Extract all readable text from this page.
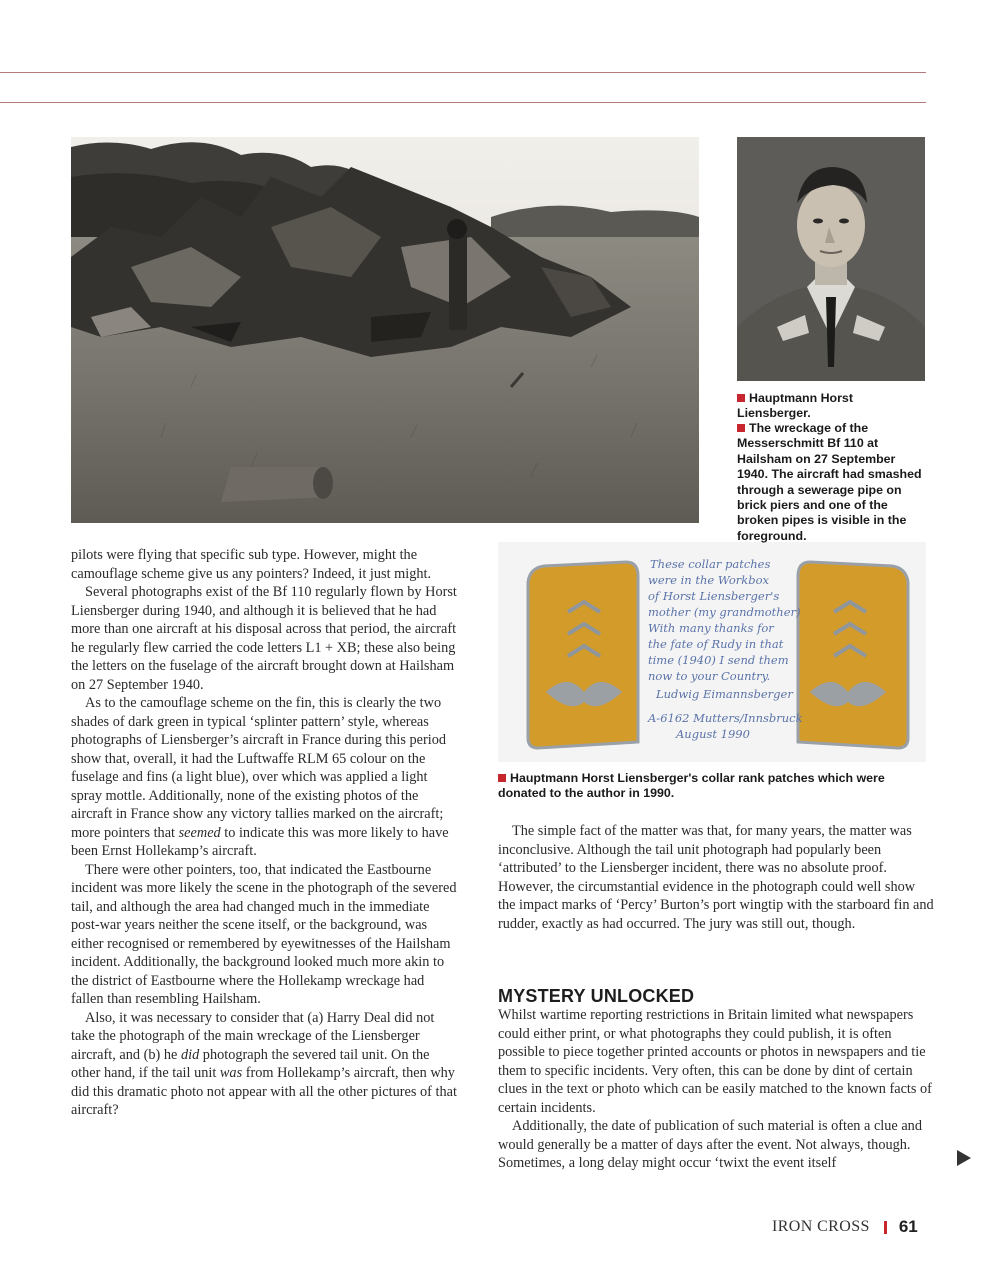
These collar patches
were in the Workbox
of Horst Liensberger's
mother (my grandmother)
With many thanks for
the fate of Rudy in that
time (1940) I send them
now to your Country.
Ludwig Eimannsberger
A-6162 Mutters/Innsbruck
August 1990
Hauptmann Horst Liensberger.
The wreckage of the Messerschmitt Bf 110 at Hailsham on 27 September 1940. The aircraft had smashed through a sewerage pipe on brick piers and one of the broken pipes is visible in the foreground.
Hauptmann Horst Liensberger's collar rank patches which were donated to the author in 1990.

pilots were flying that specific sub type. However, might the camouflage scheme give us any pointers? Indeed, it just might.

Several photographs exist of the Bf 110 regularly flown by Horst Liensberger during 1940, and although it is believed that he had more than one aircraft at his disposal across that period, the aircraft he regularly flew carried the code letters L1 + XB; these also being the letters on the fuselage of the aircraft brought down at Hailsham on 27 September 1940.

As to the camouflage scheme on the fin, this is clearly the two shades of dark green in typical ‘splinter pattern’ style, whereas photographs of Liensberger’s aircraft in France during this period show that, overall, it had the Luftwaffe RLM 65 colour on the fuselage and fins (a light blue), over which was applied a light spray mottle. Additionally, none of the existing photos of the aircraft in France show any victory tallies marked on the aircraft; more pointers that seemed to indicate this was more likely to have been Ernst Hollekamp’s aircraft.

There were other pointers, too, that indicated the Eastbourne incident was more likely the scene in the photograph of the severed tail, and although the area had changed much in the immediate post-war years neither the scene itself, or the background, was either recognised or remembered by eyewitnesses of the Hailsham incident. Additionally, the background looked much more akin to the district of Eastbourne where the Hollekamp wreckage had fallen than resembling Hailsham.

Also, it was necessary to consider that (a) Harry Deal did not take the photograph of the main wreckage of the Liensberger aircraft, and (b) he did photograph the severed tail unit. On the other hand, if the tail unit was from Hollekamp’s aircraft, then why did this dramatic photo not appear with all the other pictures of that aircraft?

The simple fact of the matter was that, for many years, the matter was inconclusive. Although the tail unit photograph had popularly been ‘attributed’ to the Liensberger incident, there was no absolute proof. However, the circumstantial evidence in the photograph could well show the impact marks of ‘Percy’ Burton’s port wingtip with the starboard fin and rudder, exactly as had occurred. The jury was still out, though.

MYSTERY UNLOCKED

Whilst wartime reporting restrictions in Britain limited what newspapers could either print, or what photographs they could publish, it is often possible to piece together printed accounts or photos in newspapers and tie them to specific incidents. Very often, this can be done by dint of certain clues in the text or photo which can be easily matched to the known facts of certain incidents.

Additionally, the date of publication of such material is often a clue and would generally be a matter of days after the event. Not always, though. Sometimes, a long delay might occur ‘twixt the event itself

IRON CROSS 61
